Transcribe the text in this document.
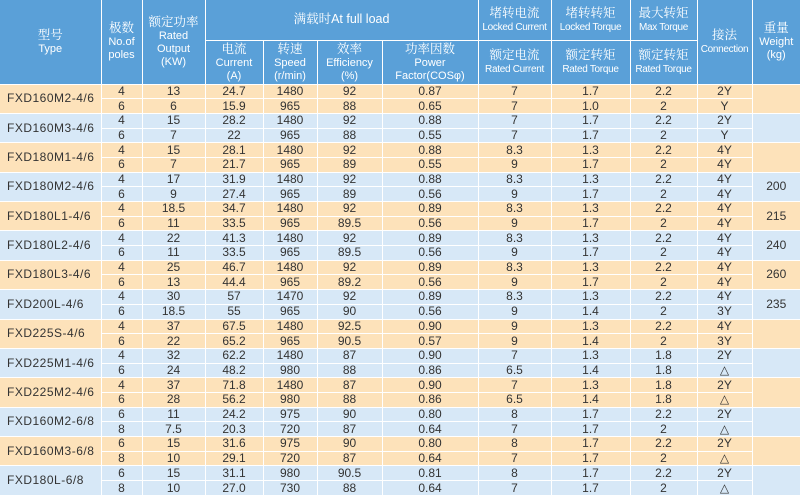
型号
Type	极数
No.of
poles	额定功率
Rated
Output
(KW)	满载时At full load				堵转电流
Locked Current	堵转转矩
Locked Torque	最大转矩
Max Torque	接法
Connection	重量
Weight
(kg)

			电流
Current
(A)	转速
Speed
(r/min)	效率
Efficiency
(%)	功率因数
Power
Factor(COSφ)	额定电流
Rated Current	额定转矩
Rated Torque	额定转矩
Rated Torque		

FXD160M2-4/6	4	13	24.7	1480	92	0.87	7	1.7	2.2	2Y	
	6	6	15.9	965	88	0.65	7	1.0	2	Y	
FXD160M3-4/6	4	15	28.2	1480	92	0.88	7	1.7	2.2	2Y	
	6	7	22	965	88	0.55	7	1.7	2	Y	
FXD180M1-4/6	4	15	28.1	1480	92	0.88	8.3	1.3	2.2	4Y	
	6	7	21.7	965	89	0.55	9	1.7	2	4Y	
FXD180M2-4/6	4	17	31.9	1480	92	0.88	8.3	1.3	2.2	4Y	200
	6	9	27.4	965	89	0.56	9	1.7	2	4Y	
FXD180L1-4/6	4	18.5	34.7	1480	92	0.89	8.3	1.3	2.2	4Y	215
	6	11	33.5	965	89.5	0.56	9	1.7	2	4Y	
FXD180L2-4/6	4	22	41.3	1480	92	0.89	8.3	1.3	2.2	4Y	240
	6	11	33.5	965	89.5	0.56	9	1.7	2	4Y	
FXD180L3-4/6	4	25	46.7	1480	92	0.89	8.3	1.3	2.2	4Y	260
	6	13	44.4	965	89.2	0.56	9	1.7	2	4Y	
FXD200L-4/6	4	30	57	1470	92	0.89	8.3	1.3	2.2	4Y	235
	6	18.5	55	965	90	0.56	9	1.4	2	3Y	
FXD225S-4/6	4	37	67.5	1480	92.5	0.90	9	1.3	2.2	4Y	
	6	22	65.2	965	90.5	0.57	9	1.4	2	3Y	
FXD225M1-4/6	4	32	62.2	1480	87	0.90	7	1.3	1.8	2Y	
	6	24	48.2	980	88	0.86	6.5	1.4	1.8	△	
FXD225M2-4/6	4	37	71.8	1480	87	0.90	7	1.3	1.8	2Y	
	6	28	56.2	980	88	0.86	6.5	1.4	1.8	△	
FXD160M2-6/8	6	11	24.2	975	90	0.80	8	1.7	2.2	2Y	
	8	7.5	20.3	720	87	0.64	7	1.7	2	△	
FXD160M3-6/8	6	15	31.6	975	90	0.80	8	1.7	2.2	2Y	
	8	10	29.1	720	87	0.64	7	1.7	2	△	
FXD180L-6/8	6	15	31.1	980	90.5	0.81	8	1.7	2.2	2Y	
	8	10	27.0	730	88	0.64	7	1.7	2	△	
